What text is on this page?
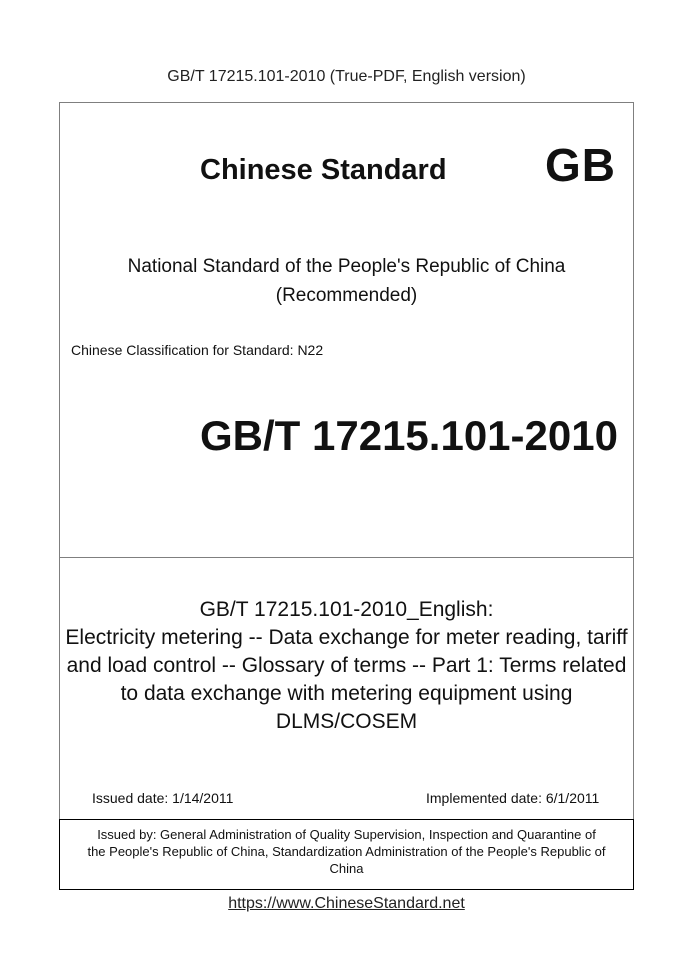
GB/T 17215.101-2010 (True-PDF, English version)
Chinese Standard GB
National Standard of the People's Republic of China
(Recommended)
Chinese Classification for Standard: N22
GB/T 17215.101-2010
GB/T 17215.101-2010_English:
Electricity metering -- Data exchange for meter reading, tariff
and load control -- Glossary of terms -- Part 1: Terms related
to data exchange with metering equipment using
DLMS/COSEM
Issued date: 1/14/2011	Implemented date: 6/1/2011
Issued by: General Administration of Quality Supervision, Inspection and Quarantine of
the People's Republic of China, Standardization Administration of the People's Republic of
China
https://www.ChineseStandard.net
